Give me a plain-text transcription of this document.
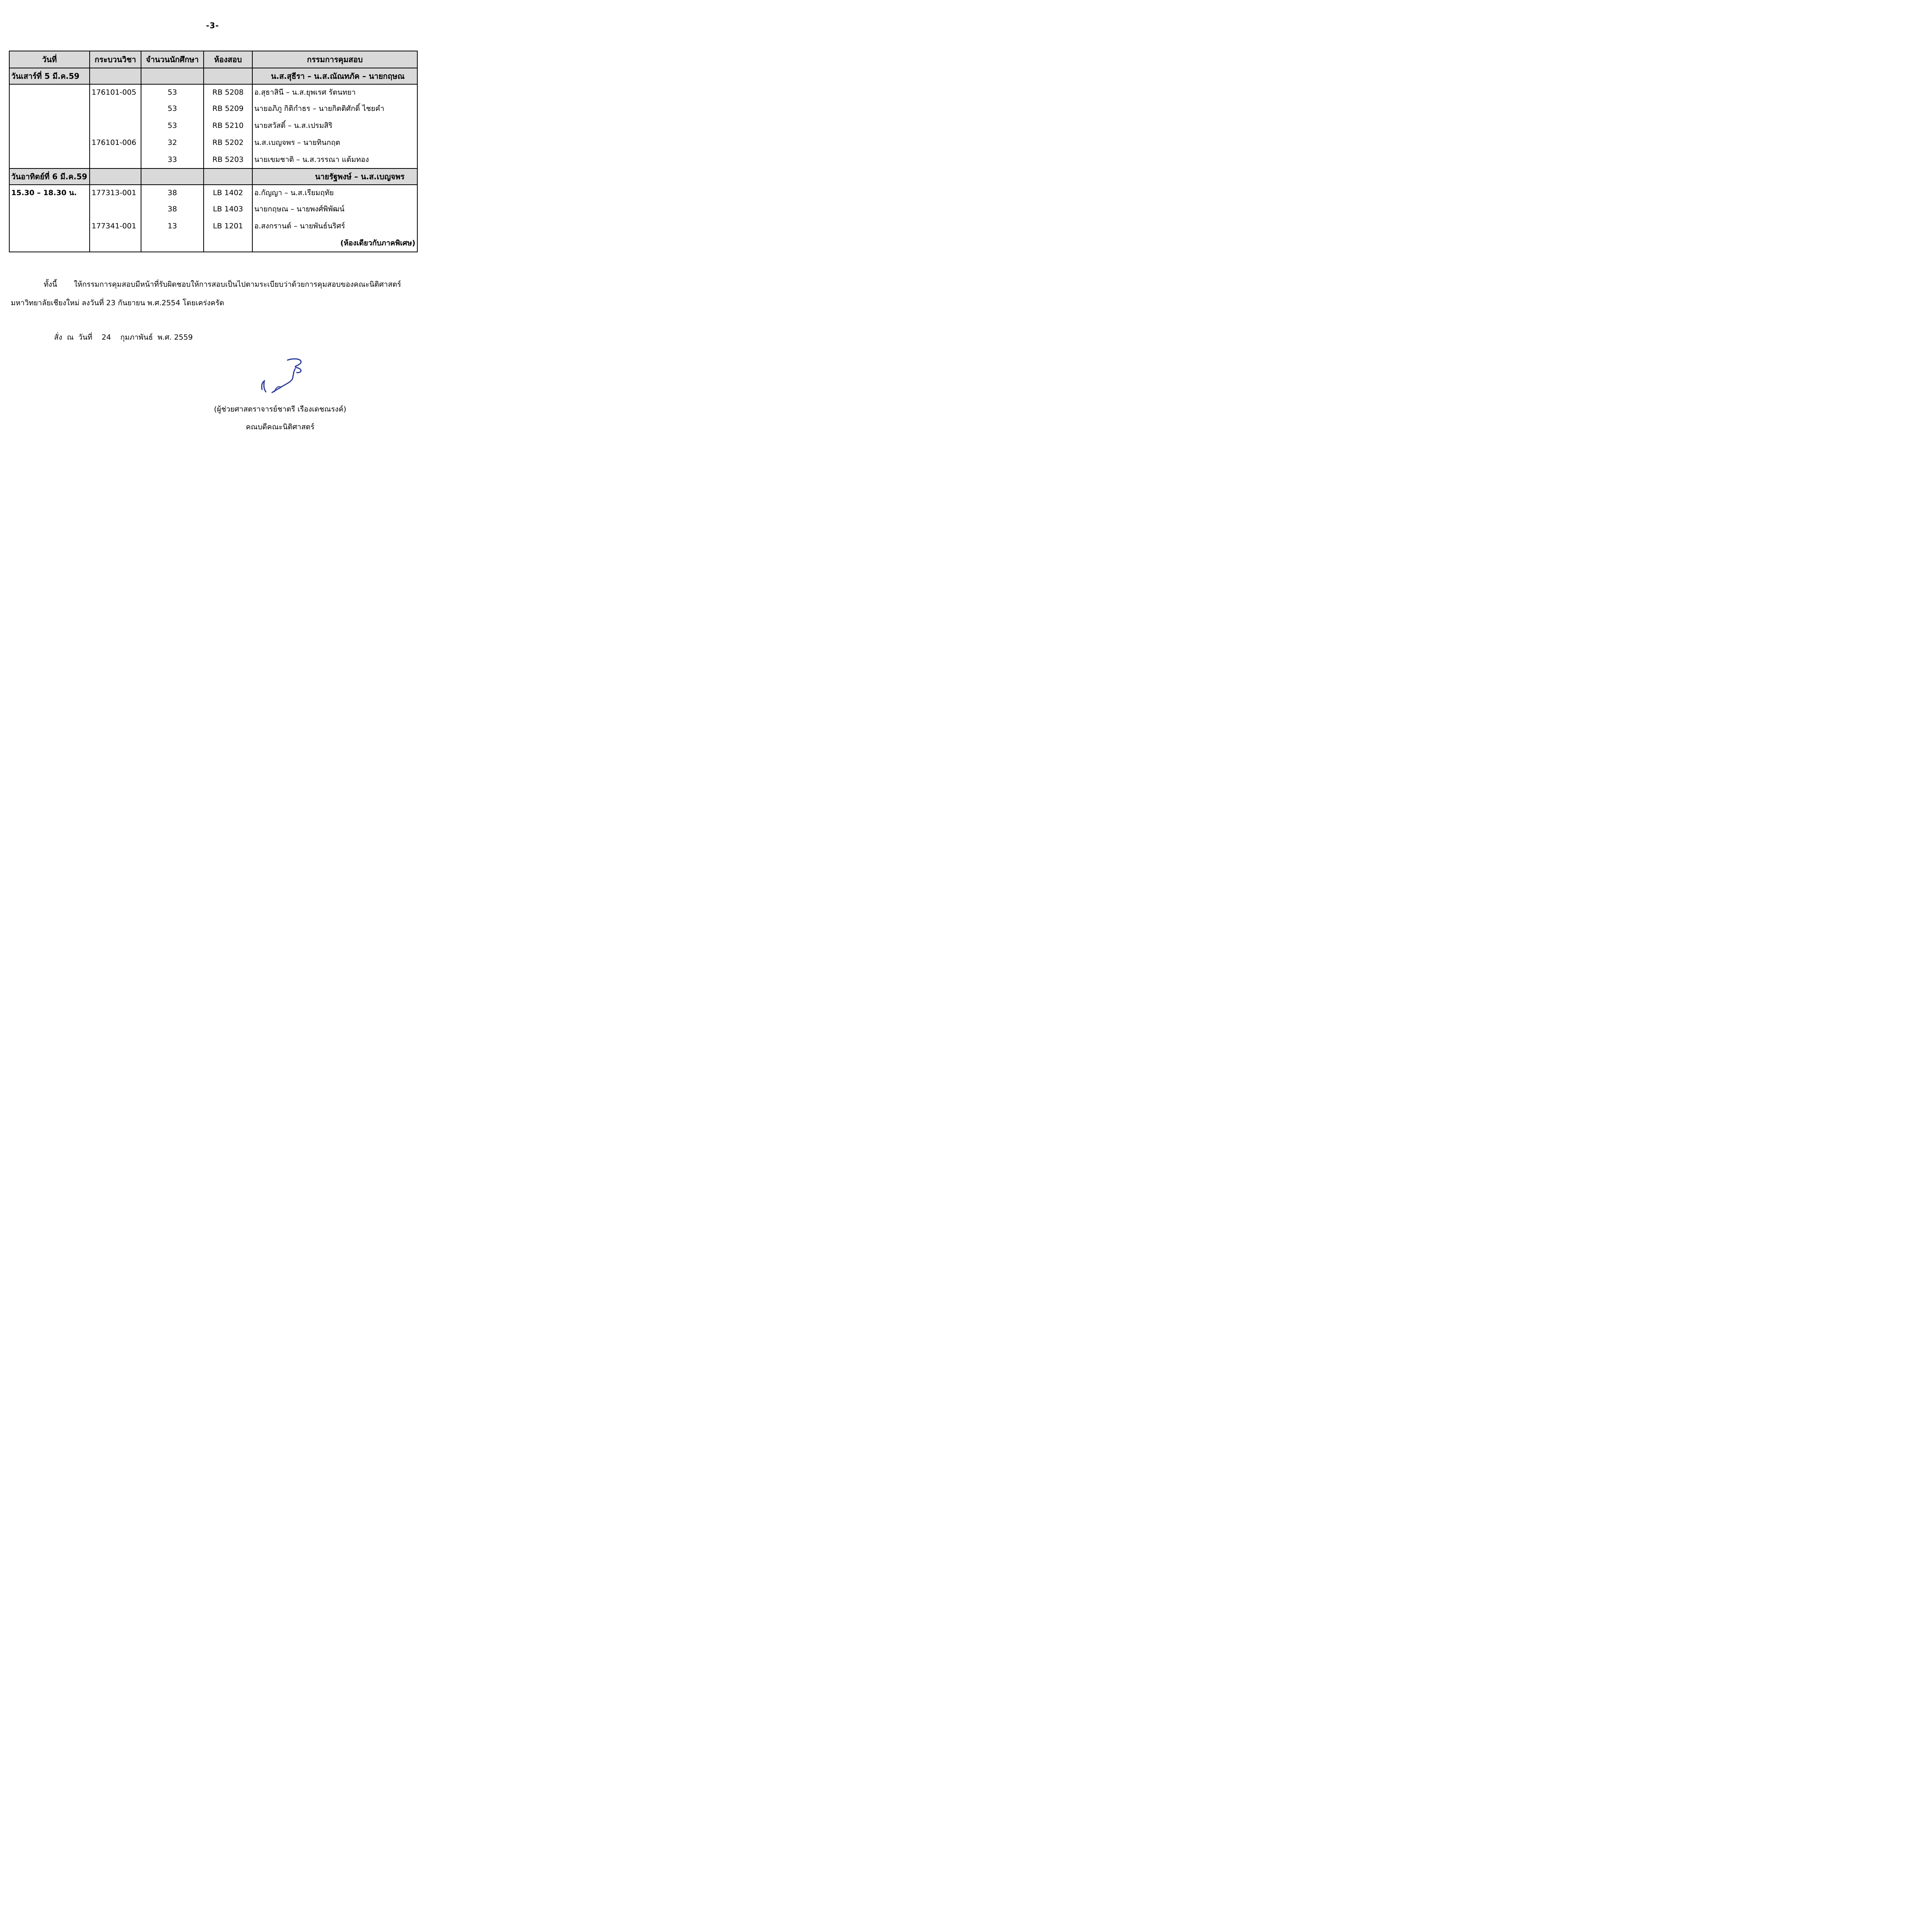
-3-
วันที่	กระบวนวิชา	จำนวนนักศึกษา	ห้องสอบ	กรรมการคุมสอบ
วันเสาร์ที่ 5 มี.ค.59				น.ส.สุธีรา – น.ส.ณัณทภัค – นายกฤษณ
	176101-005	53	RB 5208	อ.สุธาสินี – น.ส.ยุพเรศ รัตนทยา
		53	RB 5209	นายอภิภู กิติกำธร – นายกิตติศักดิ์ ไชยคำ
		53	RB 5210	นายสวัสดิ์ – น.ส.เปรมสิริ
	176101-006	32	RB 5202	น.ส.เบญจพร – นายทินกฤต
		33	RB 5203	นายเขมชาติ – น.ส.วรรณา แต้มทอง
วันอาทิตย์ที่ 6 มี.ค.59				นายรัฐพงษ์ – น.ส.เบญจพร
15.30 – 18.30 น.	177313-001	38	LB 1402	อ.กัญญา – น.ส.เรียมฤทัย
		38	LB 1403	นายกฤษณ – นายพงศ์พิพัฒน์
	177341-001	13	LB 1201	อ.สงกรานต์ – นายพันธ์นริศร์
				(ห้องเดียวกับภาคพิเศษ)
ทั้งนี้ ให้กรรมการคุมสอบมีหน้าที่รับผิดชอบให้การสอบเป็นไปตามระเบียบว่าด้วยการคุมสอบของคณะนิติศาสตร์ มหาวิทยาลัยเชียงใหม่ ลงวันที่ 23 กันยายน พ.ศ.2554 โดยเคร่งครัด
สั่ง  ณ  วันที่    24    กุมภาพันธ์  พ.ศ. 2559
(ผู้ช่วยศาสตราจารย์ชาตรี เรืองเดชณรงค์)
คณบดีคณะนิติศาสตร์
